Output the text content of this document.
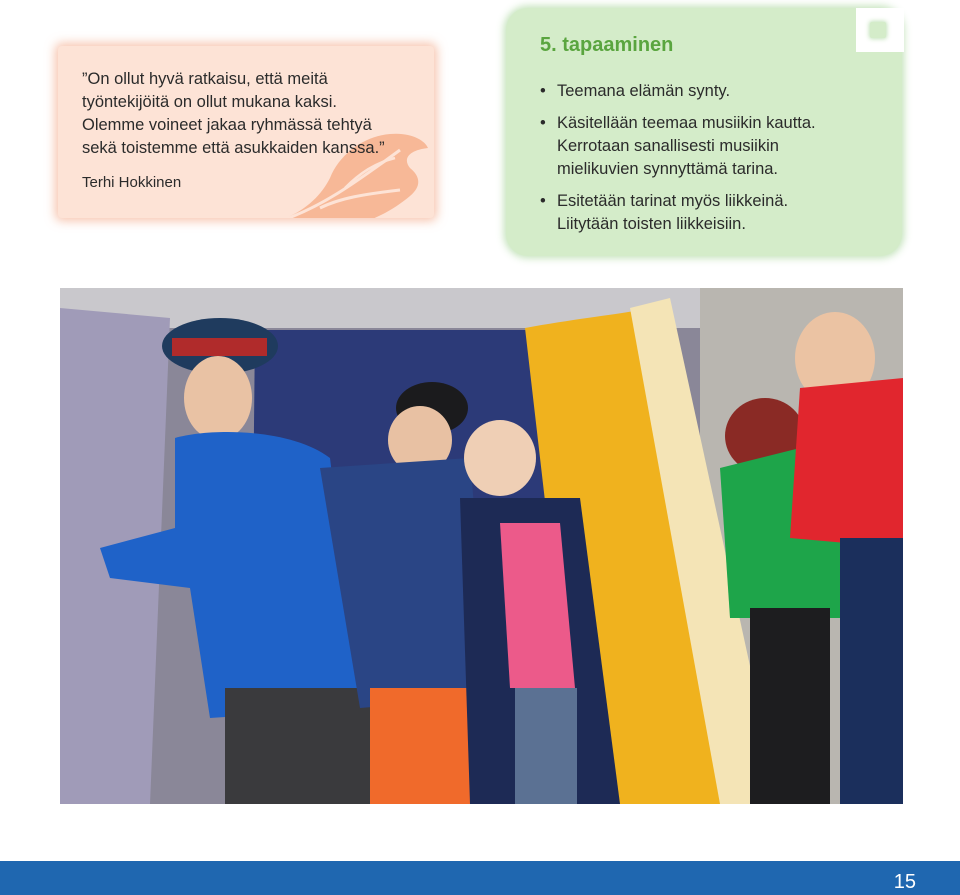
”On ollut hyvä ratkaisu, että meitä
työntekijöitä on ollut mukana kaksi.
Olemme voineet jakaa ryhmässä tehtyä
sekä toistemme että asukkaiden kanssa.”
Terhi Hokkinen
5. tapaaminen
• Teemana elämän synty.
• Käsitellään teemaa musiikin kautta.
Kerrotaan sanallisesti musiikin
mielikuvien synnyttämä tarina.
• Esitetään tarinat myös liikkeinä.
Liitytään toisten liikkeisiin.
15
